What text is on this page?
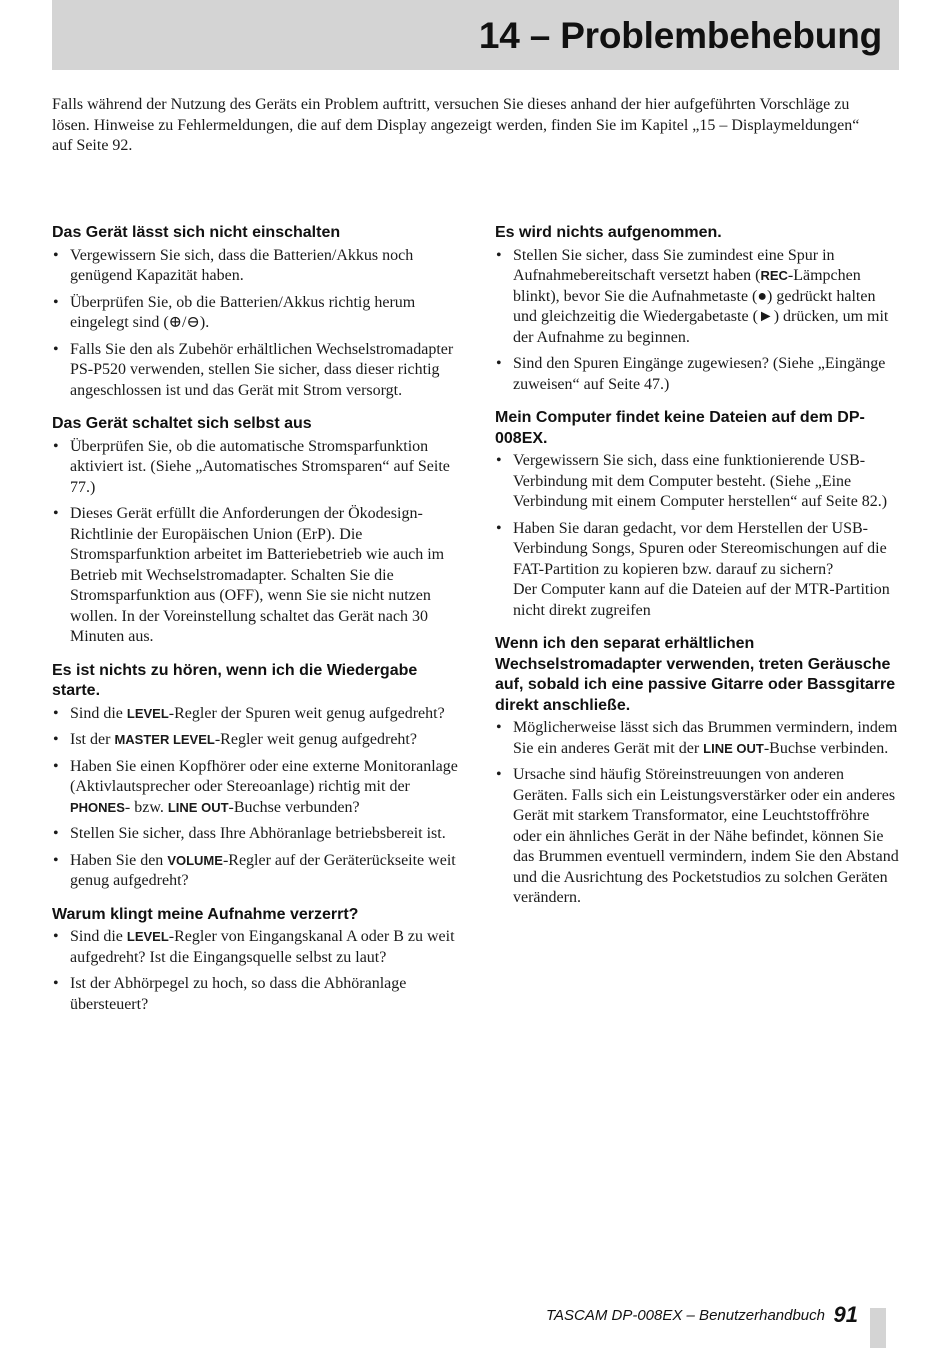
14 – Problembehebung

Falls während der Nutzung des Geräts ein Problem auftritt, versuchen Sie dieses anhand der hier aufgeführten Vorschläge zu lösen. Hinweise zu Fehlermeldungen, die auf dem Display angezeigt werden, finden Sie im Kapitel „15 – Displaymeldungen“ auf Seite 92.

Das Gerät lässt sich nicht einschalten
• Vergewissern Sie sich, dass die Batterien/Akkus noch genügend Kapazität haben.
• Überprüfen Sie, ob die Batterien/Akkus richtig herum eingelegt sind (⊕/⊖).
• Falls Sie den als Zubehör erhältlichen Wechselstromadapter PS-P520 verwenden, stellen Sie sicher, dass dieser richtig angeschlossen ist und das Gerät mit Strom versorgt.
Das Gerät schaltet sich selbst aus
• Überprüfen Sie, ob die automatische Stromsparfunktion aktiviert ist. (Siehe „Automatisches Stromsparen“ auf Seite 77.)
• Dieses Gerät erfüllt die Anforderungen der Ökodesign-Richtlinie der Europäischen Union (ErP). Die Stromsparfunktion arbeitet im Batteriebetrieb wie auch im Betrieb mit Wechselstromadapter. Schalten Sie die Stromsparfunktion aus (OFF), wenn Sie sie nicht nutzen wollen. In der Voreinstellung schaltet das Gerät nach 30 Minuten aus.
Es ist nichts zu hören, wenn ich die Wiedergabe starte.
• Sind die LEVEL-Regler der Spuren weit genug aufgedreht?
• Ist der MASTER LEVEL-Regler weit genug aufgedreht?
• Haben Sie einen Kopfhörer oder eine externe Monitoranlage (Aktivlautsprecher oder Stereoanlage) richtig mit der PHONES- bzw. LINE OUT-Buchse verbunden?
• Stellen Sie sicher, dass Ihre Abhöranlage betriebsbereit ist.
• Haben Sie den VOLUME-Regler auf der Geräterückseite weit genug aufgedreht?
Warum klingt meine Aufnahme verzerrt?
• Sind die LEVEL-Regler von Eingangskanal A oder B zu weit aufgedreht? Ist die Eingangsquelle selbst zu laut?
• Ist der Abhörpegel zu hoch, so dass die Abhöranlage übersteuert?
Es wird nichts aufgenommen.
• Stellen Sie sicher, dass Sie zumindest eine Spur in Aufnahmebereitschaft versetzt haben (REC-Lämpchen blinkt), bevor Sie die Aufnahmetaste (●) gedrückt halten und gleichzeitig die Wiedergabetaste (►) drücken, um mit der Aufnahme zu beginnen.
• Sind den Spuren Eingänge zugewiesen? (Siehe „Eingänge zuweisen“ auf Seite 47.)
Mein Computer findet keine Dateien auf dem DP-008EX.
• Vergewissern Sie sich, dass eine funktionierende USB-Verbindung mit dem Computer besteht. (Siehe „Eine Verbindung mit einem Computer herstellen“ auf Seite 82.)
• Haben Sie daran gedacht, vor dem Herstellen der USB-Verbindung Songs, Spuren oder Stereomischungen auf die FAT-Partition zu kopieren bzw. darauf zu sichern?
Der Computer kann auf die Dateien auf der MTR-Partition nicht direkt zugreifen
Wenn ich den separat erhältlichen Wechselstromadapter verwenden, treten Geräusche auf, sobald ich eine passive Gitarre oder Bassgitarre direkt anschließe.
• Möglicherweise lässt sich das Brummen vermindern, indem Sie ein anderes Gerät mit der LINE OUT-Buchse verbinden.
• Ursache sind häufig Störeinstreuungen von anderen Geräten. Falls sich ein Leistungsverstärker oder ein anderes Gerät mit starkem Transformator, eine Leuchtstoffröhre oder ein ähnliches Gerät in der Nähe befindet, können Sie das Brummen eventuell vermindern, indem Sie den Abstand und die Ausrichtung des Pocketstudios zu solchen Geräten verändern.
TASCAM DP-008EX – Benutzerhandbuch 91
